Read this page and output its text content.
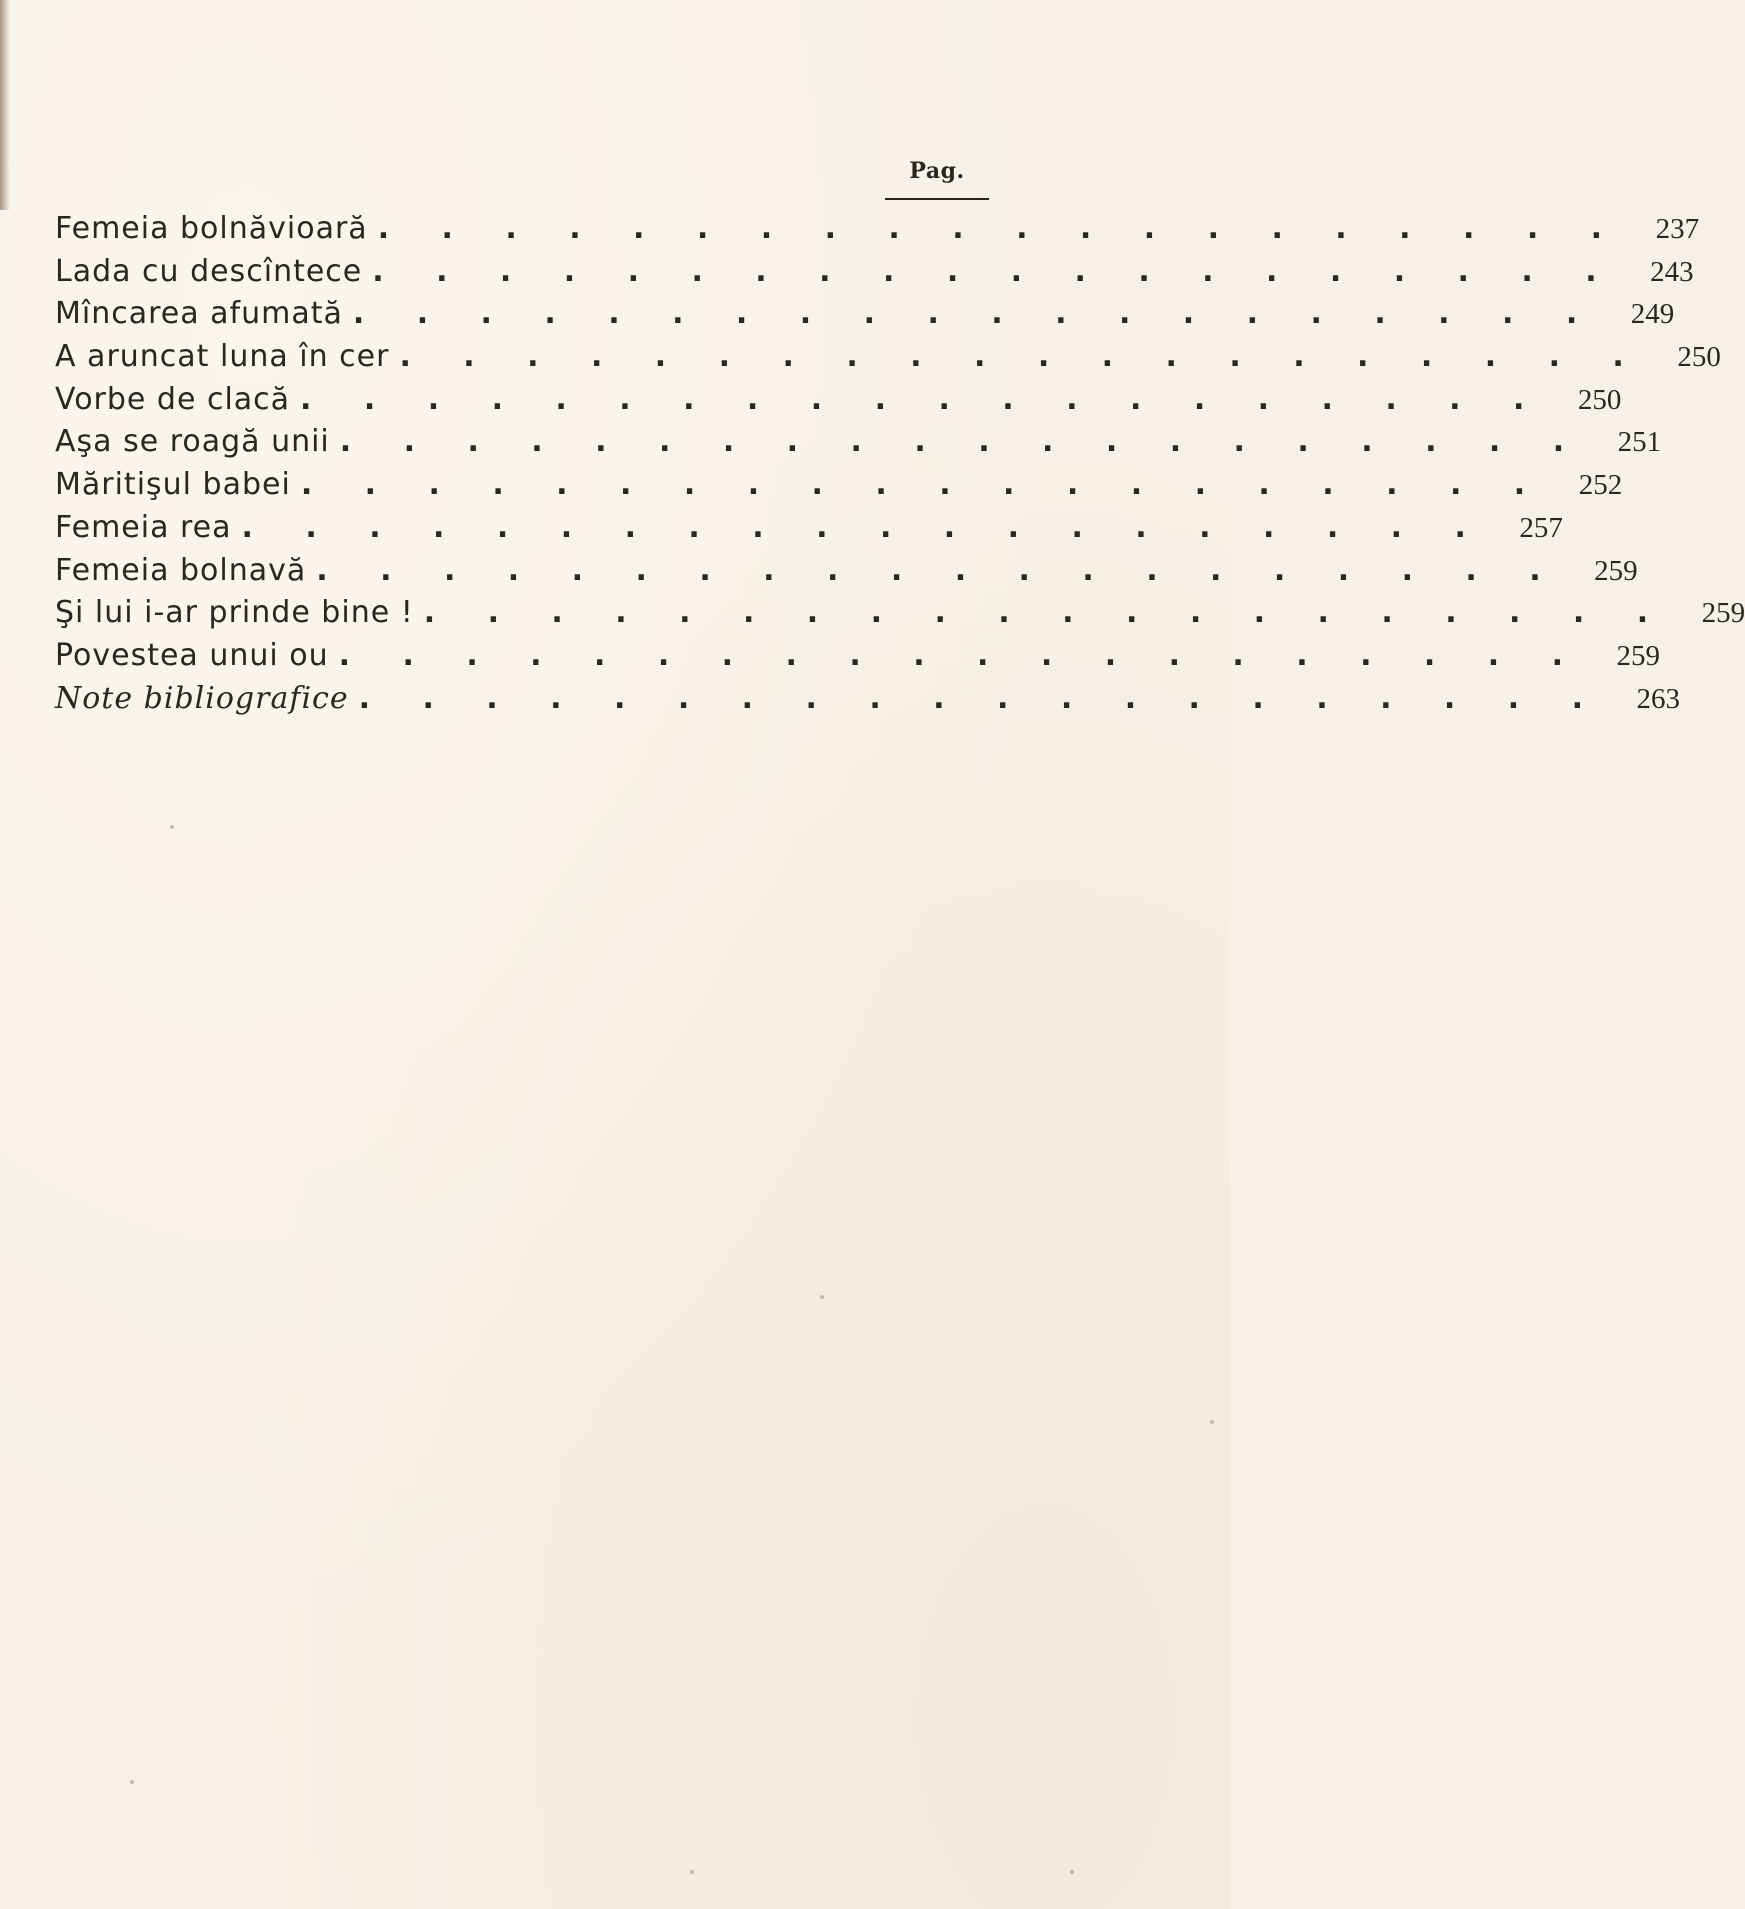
Pag.
Femeia bolnăvioară . . . . . . . . . . . . . . . . . . . .	237
Lada cu descîntece . . . . . . . . . . . . . . . . . . . .	243
Mîncarea afumată . . . . . . . . . . . . . . . . . . . .	249
A aruncat luna în cer . . . . . . . . . . . . . . . . . . . .	250
Vorbe de clacă . . . . . . . . . . . . . . . . . . . .	250
Aşa se roagă unii . . . . . . . . . . . . . . . . . . . .	251
Măritişul babei . . . . . . . . . . . . . . . . . . . .	252
Femeia rea . . . . . . . . . . . . . . . . . . . .	257
Femeia bolnavă . . . . . . . . . . . . . . . . . . . .	259
Şi lui i-ar prinde bine ! . . . . . . . . . . . . . . . . . . . .	259
Povestea unui ou . . . . . . . . . . . . . . . . . . . .	259
Note bibliografice . . . . . . . . . . . . . . . . . . . .	263
